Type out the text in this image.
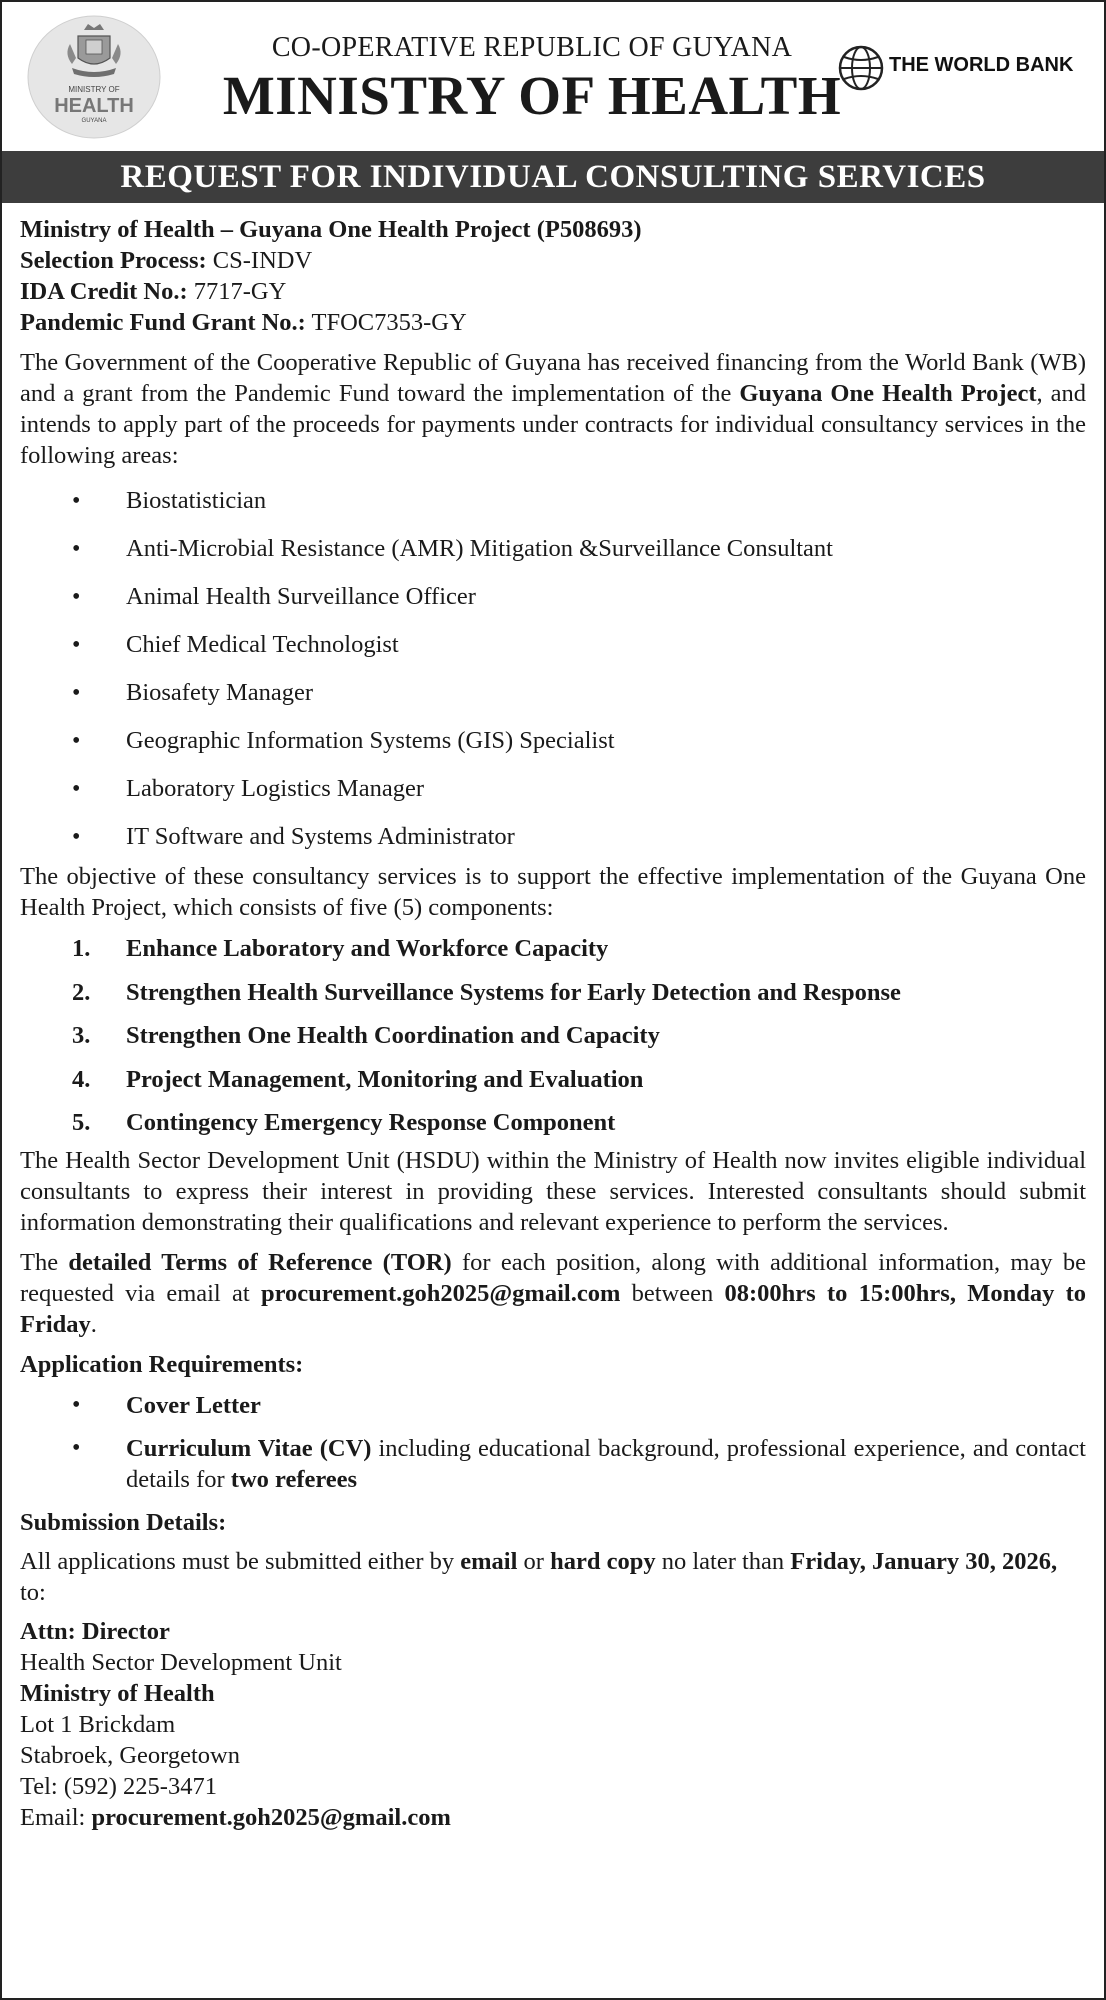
MINISTRY OF
HEALTH
GUYANA
CO-OPERATIVE REPUBLIC OF GUYANA
MINISTRY OF HEALTH	THE WORLD BANK
REQUEST FOR INDIVIDUAL CONSULTING SERVICES
Ministry of Health – Guyana One Health Project (P508693)
Selection Process: CS-INDV
IDA Credit No.: 7717-GY
Pandemic Fund Grant No.: TFOC7353-GY

The Government of the Cooperative Republic of Guyana has received financing from the World Bank (WB) and a grant from the Pandemic Fund toward the implementation of the Guyana One Health Project, and intends to apply part of the proceeds for payments under contracts for individual consultancy services in the following areas:

• Biostatistician
• Anti-Microbial Resistance (AMR) Mitigation &Surveillance Consultant
• Animal Health Surveillance Officer
• Chief Medical Technologist
• Biosafety Manager
• Geographic Information Systems (GIS) Specialist
• Laboratory Logistics Manager
• IT Software and Systems Administrator

The objective of these consultancy services is to support the effective implementation of the Guyana One Health Project, which consists of five (5) components:

1. Enhance Laboratory and Workforce Capacity
2. Strengthen Health Surveillance Systems for Early Detection and Response
3. Strengthen One Health Coordination and Capacity
4. Project Management, Monitoring and Evaluation
5. Contingency Emergency Response Component

The Health Sector Development Unit (HSDU) within the Ministry of Health now invites eligible individual consultants to express their interest in providing these services. Interested consultants should submit information demonstrating their qualifications and relevant experience to perform the services.

The detailed Terms of Reference (TOR) for each position, along with additional information, may be requested via email at procurement.goh2025@gmail.com between 08:00hrs to 15:00hrs, Monday to Friday.

Application Requirements:
• Cover Letter
• Curriculum Vitae (CV) including educational background, professional experience, and contact details for two referees
Submission Details:

All applications must be submitted either by email or hard copy no later than Friday, January 30, 2026, to:

Attn: Director
Health Sector Development Unit
Ministry of Health
Lot 1 Brickdam
Stabroek, Georgetown
Tel: (592) 225-3471
Email: procurement.goh2025@gmail.com
